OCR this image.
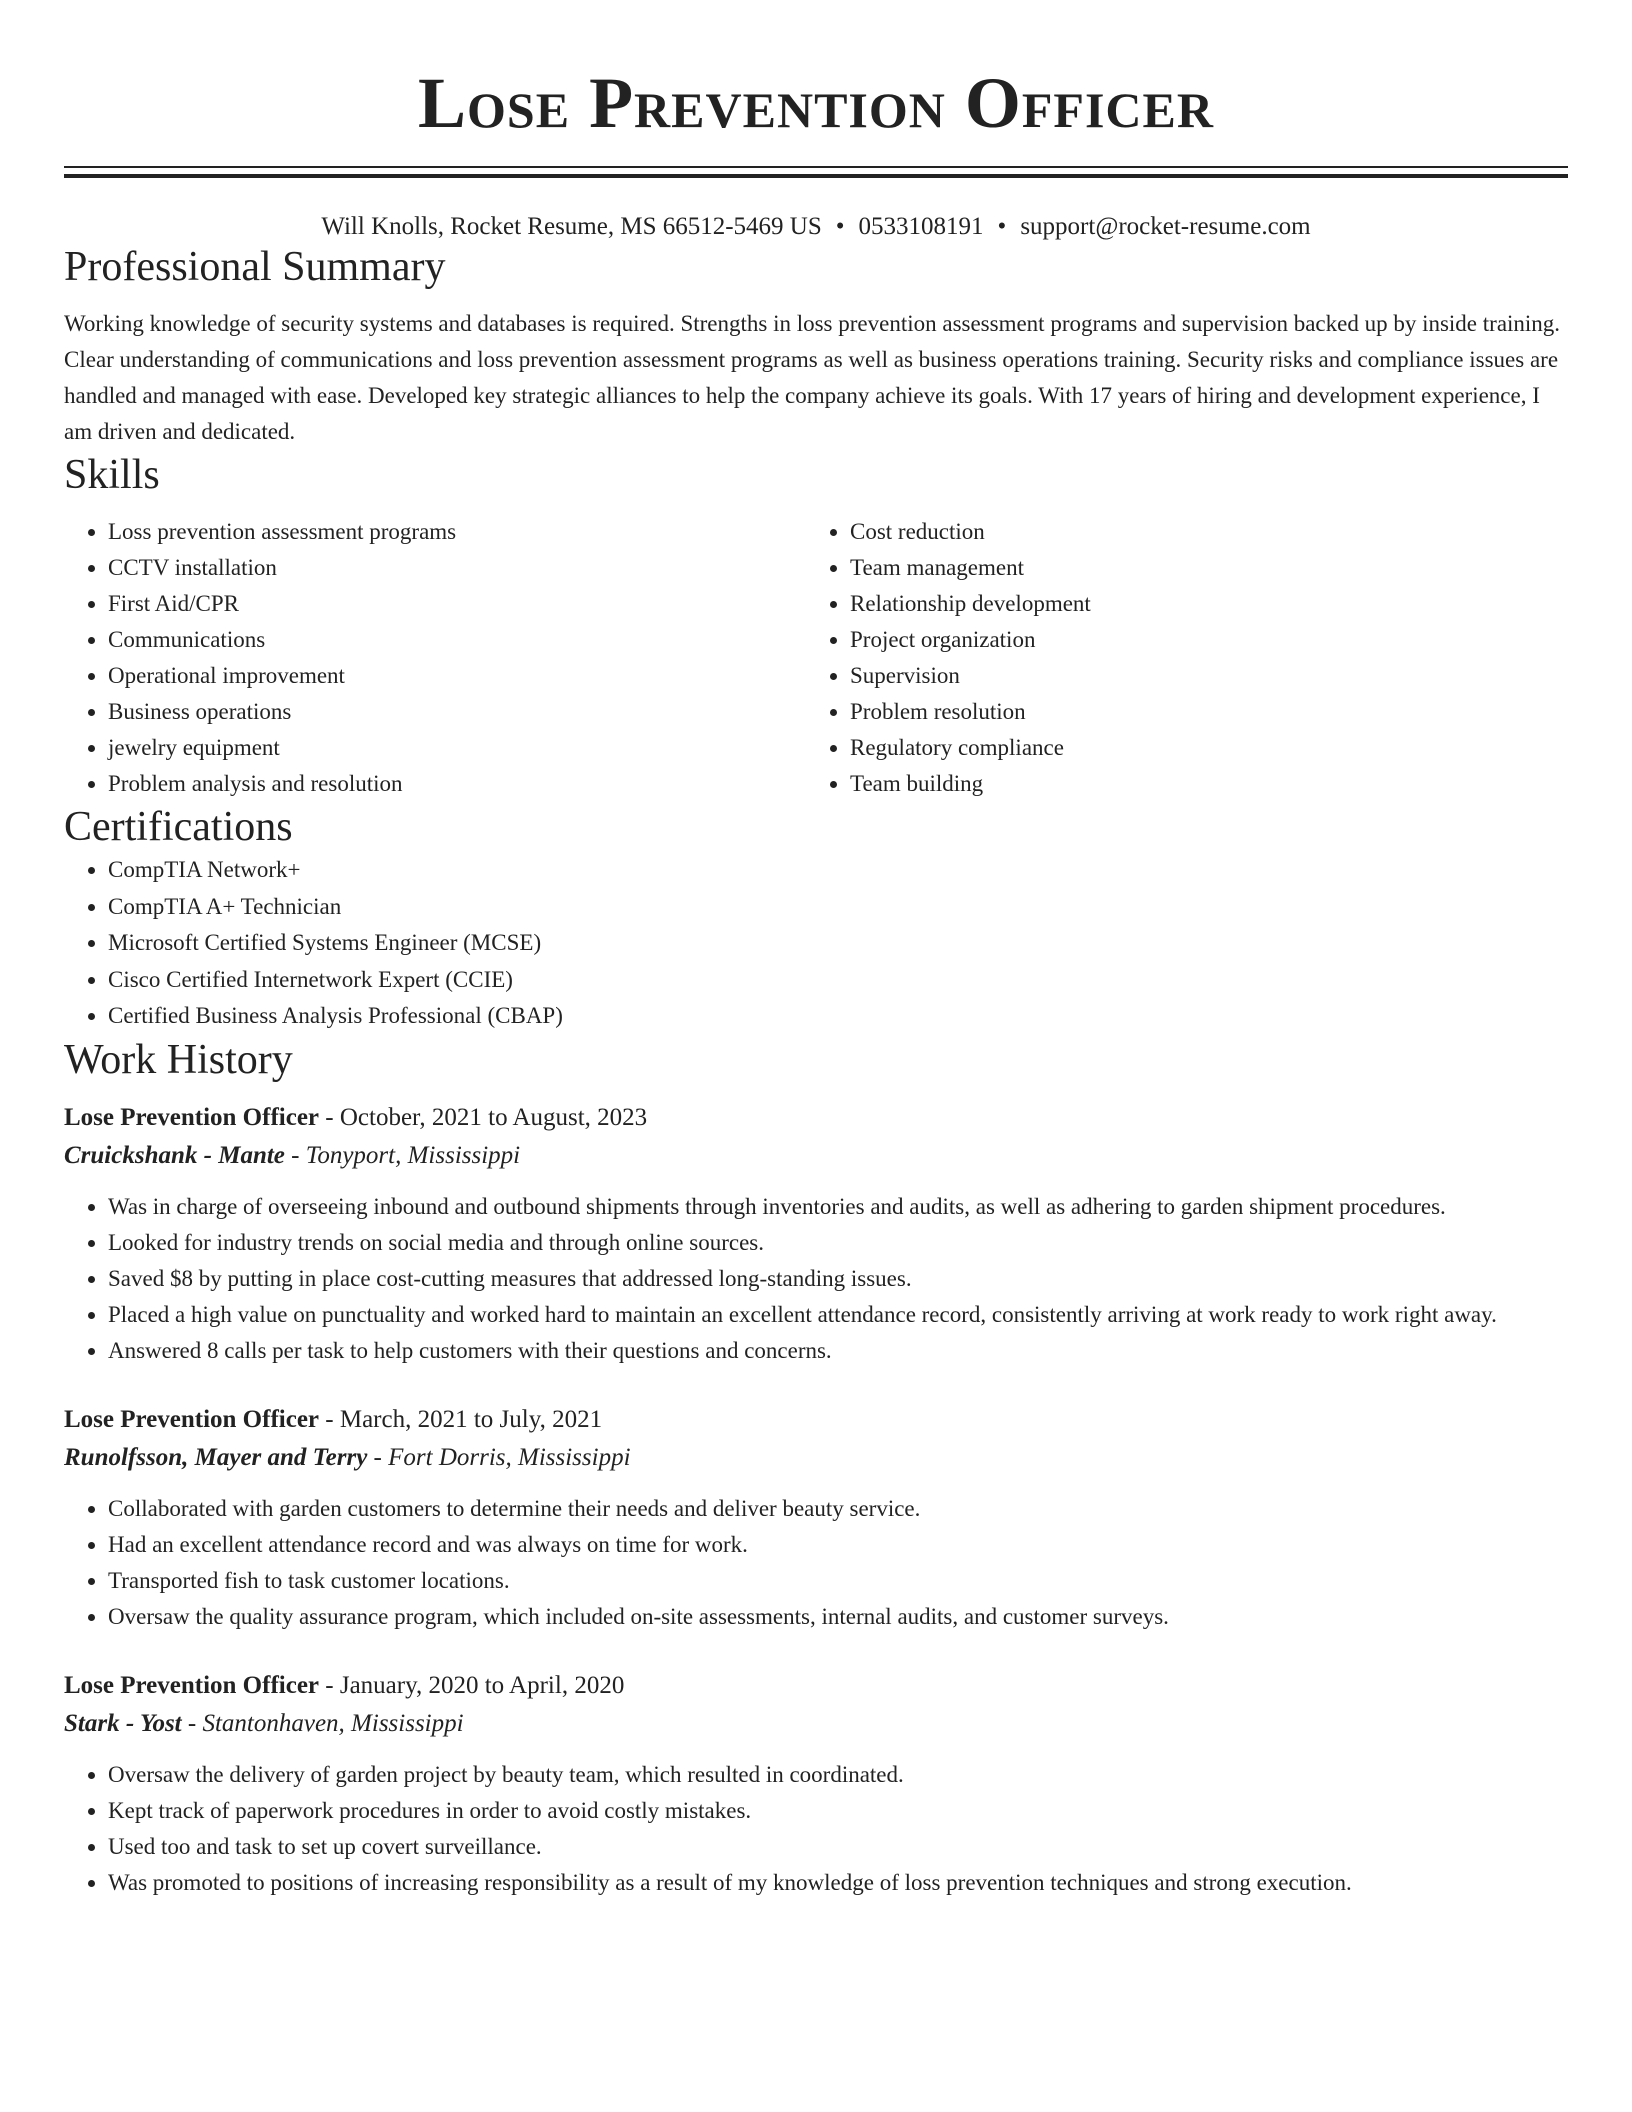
Lose Prevention Officer
Will Knolls, Rocket Resume, MS 66512-5469 US • 0533108191 • support@rocket-resume.com
Professional Summary

Working knowledge of security systems and databases is required. Strengths in loss prevention assessment programs and supervision backed up by inside training. Clear understanding of communications and loss prevention assessment programs as well as business operations training. Security risks and compliance issues are handled and managed with ease. Developed key strategic alliances to help the company achieve its goals. With 17 years of hiring and development experience, I am driven and dedicated.

Skills
• Loss prevention assessment programs
• CCTV installation
• First Aid/CPR
• Communications
• Operational improvement
• Business operations
• jewelry equipment
• Problem analysis and resolution
• Cost reduction
• Team management
• Relationship development
• Project organization
• Supervision
• Problem resolution
• Regulatory compliance
• Team building
Certifications
• CompTIA Network+
• CompTIA A+ Technician
• Microsoft Certified Systems Engineer (MCSE)
• Cisco Certified Internetwork Expert (CCIE)
• Certified Business Analysis Professional (CBAP)
Work History
Lose Prevention Officer - October, 2021 to August, 2023
Cruickshank - Mante - Tonyport, Mississippi
• Was in charge of overseeing inbound and outbound shipments through inventories and audits, as well as adhering to garden shipment procedures.
• Looked for industry trends on social media and through online sources.
• Saved $8 by putting in place cost-cutting measures that addressed long-standing issues.
• Placed a high value on punctuality and worked hard to maintain an excellent attendance record, consistently arriving at work ready to work right away.
• Answered 8 calls per task to help customers with their questions and concerns.
Lose Prevention Officer - March, 2021 to July, 2021
Runolfsson, Mayer and Terry - Fort Dorris, Mississippi
• Collaborated with garden customers to determine their needs and deliver beauty service.
• Had an excellent attendance record and was always on time for work.
• Transported fish to task customer locations.
• Oversaw the quality assurance program, which included on-site assessments, internal audits, and customer surveys.
Lose Prevention Officer - January, 2020 to April, 2020
Stark - Yost - Stantonhaven, Mississippi
• Oversaw the delivery of garden project by beauty team, which resulted in coordinated.
• Kept track of paperwork procedures in order to avoid costly mistakes.
• Used too and task to set up covert surveillance.
• Was promoted to positions of increasing responsibility as a result of my knowledge of loss prevention techniques and strong execution.
